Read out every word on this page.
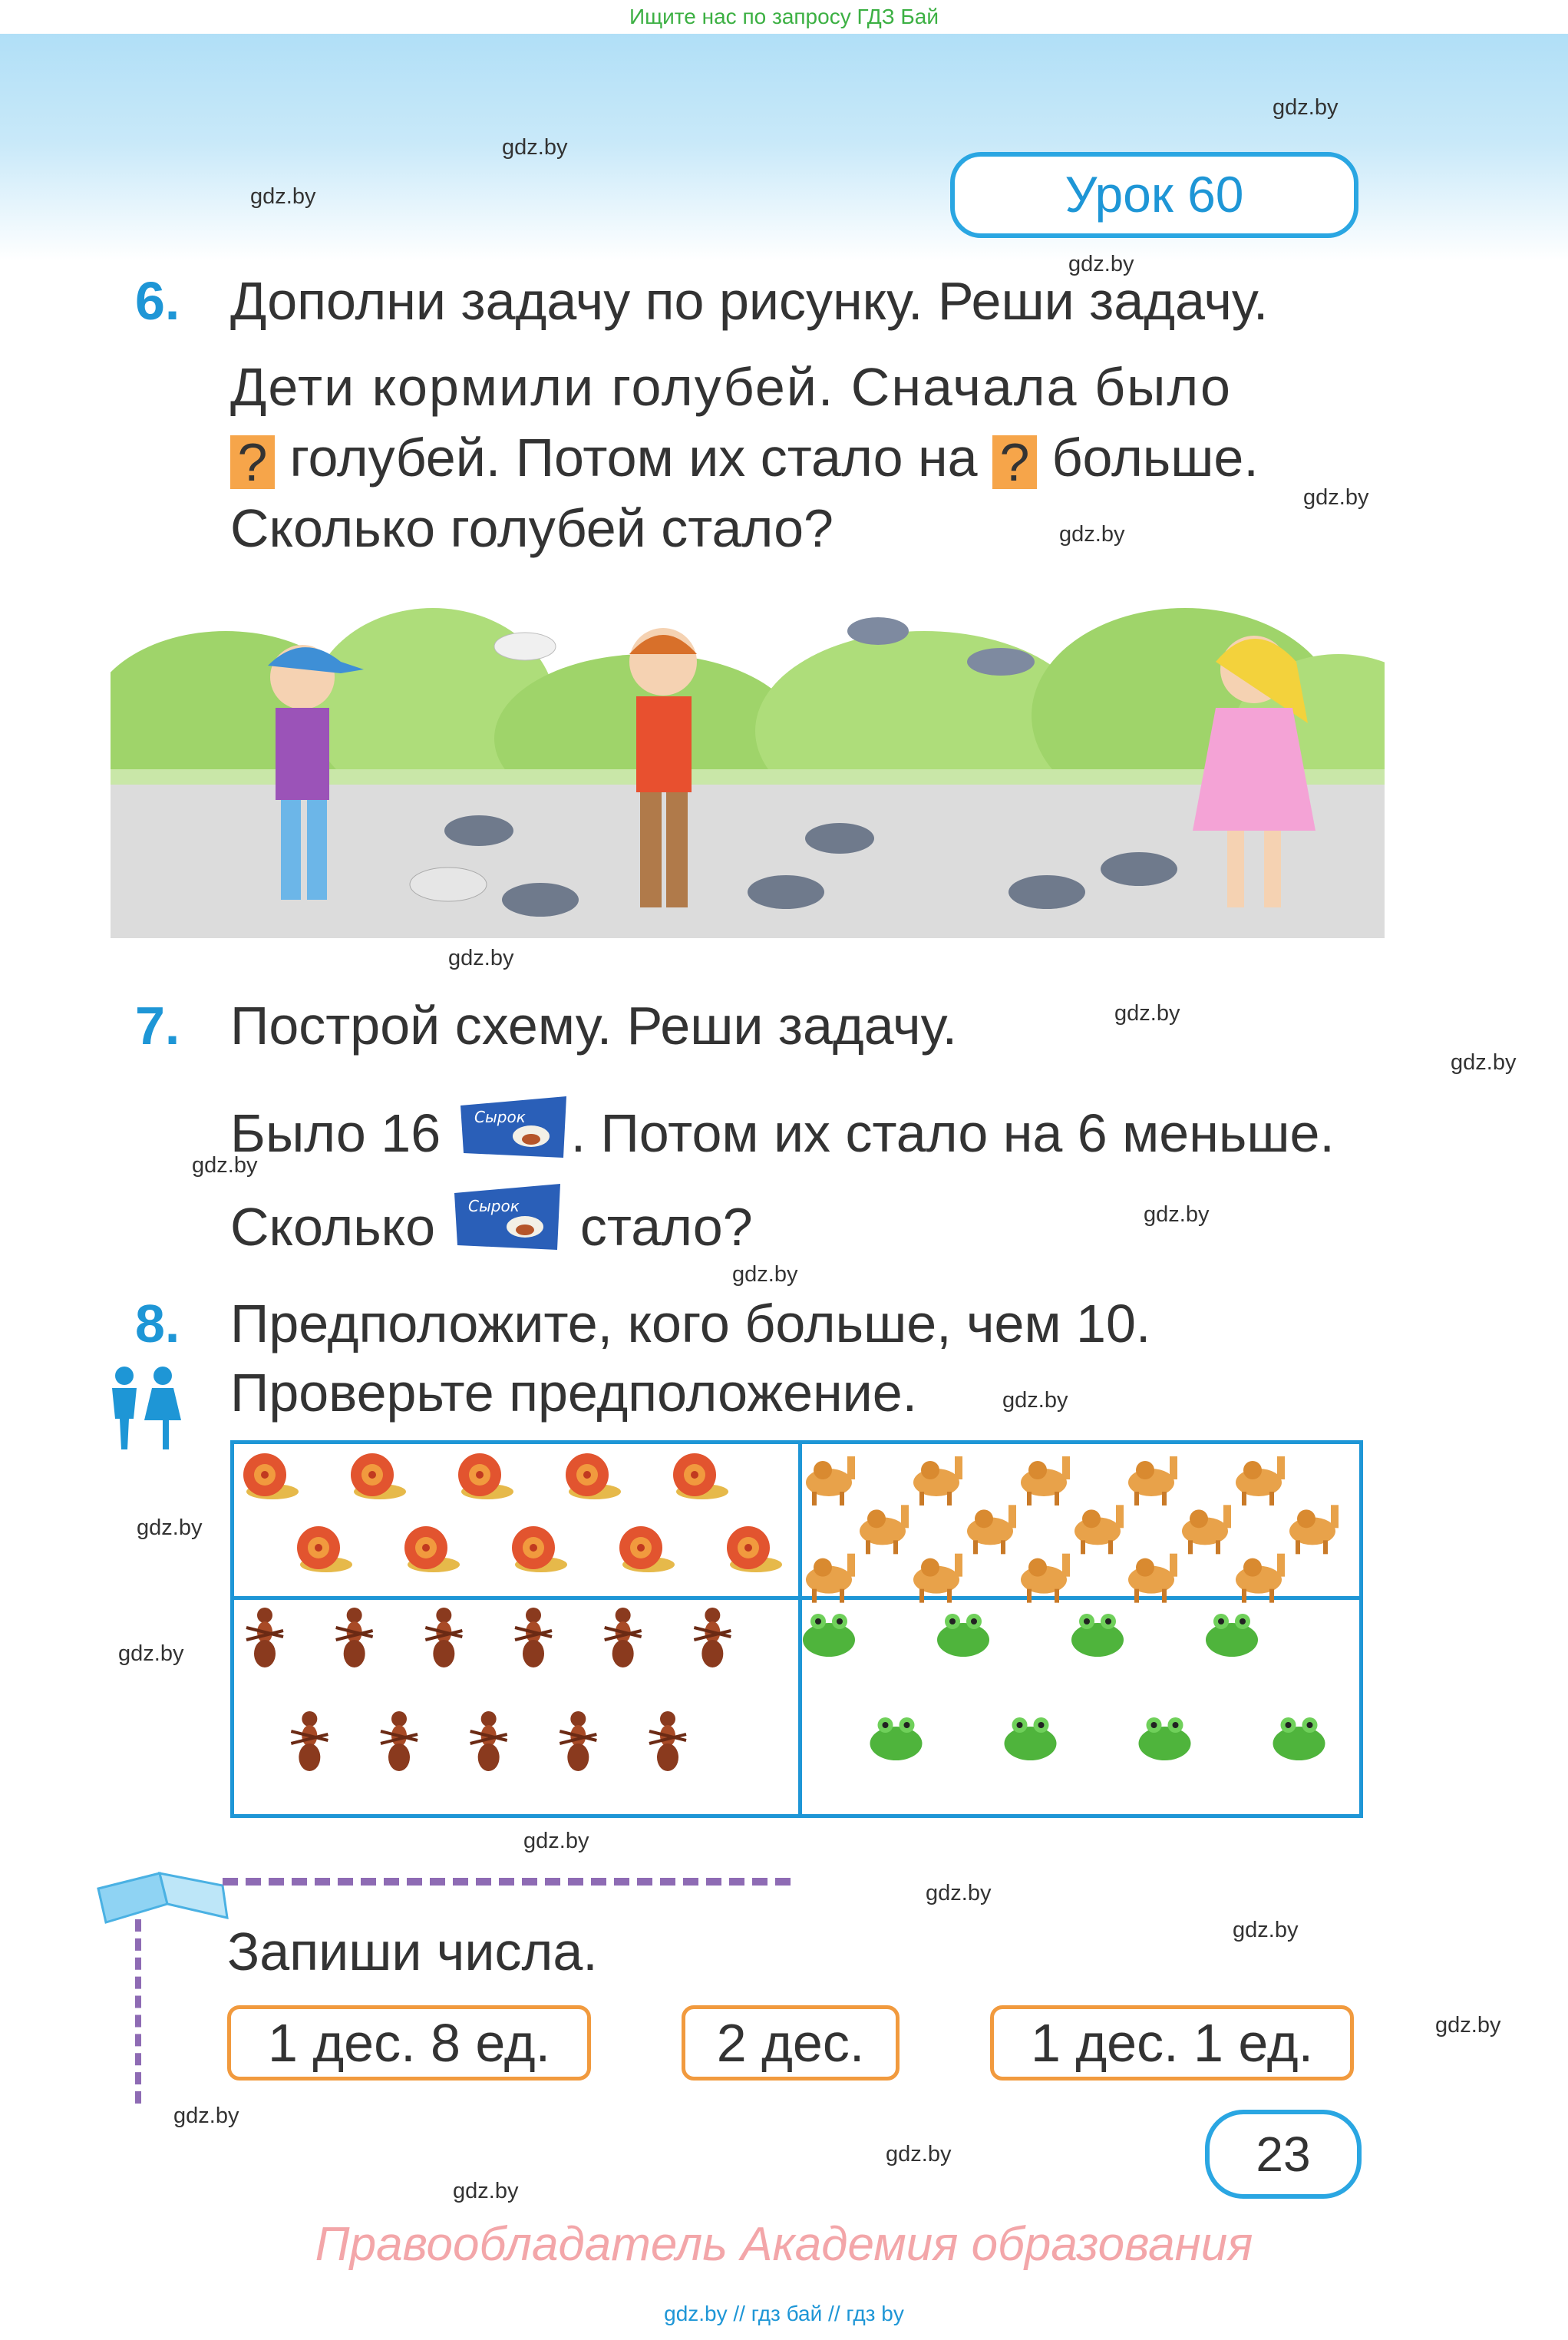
Ищите нас по запросу ГДЗ Бай
gdz.by
gdz.by
gdz.by
gdz.by
gdz.by
gdz.by
gdz.by
gdz.by
gdz.by
gdz.by
gdz.by
gdz.by
gdz.by
gdz.by
gdz.by
gdz.by
gdz.by
gdz.by
gdz.by
gdz.by
gdz.by
gdz.by
Урок 60
6. Дополни задачу по рисунку. Реши задачу.
Дети кормили голубей. Сначала было
? голубей. Потом их стало на ? больше.
Сколько голубей стало?
7. Построй схему. Реши задачу.
Было 16 Сырок . Потом их стало на 6 меньше.
Сколько Сырок стало?
8. Предположите, кого больше, чем 10.
Проверьте предположение.
Запиши числа.
1 дес. 8 ед.	2 дес.	1 дес. 1 ед.
23
Правообладатель Академия образования
gdz.by // гдз бай // гдз by
